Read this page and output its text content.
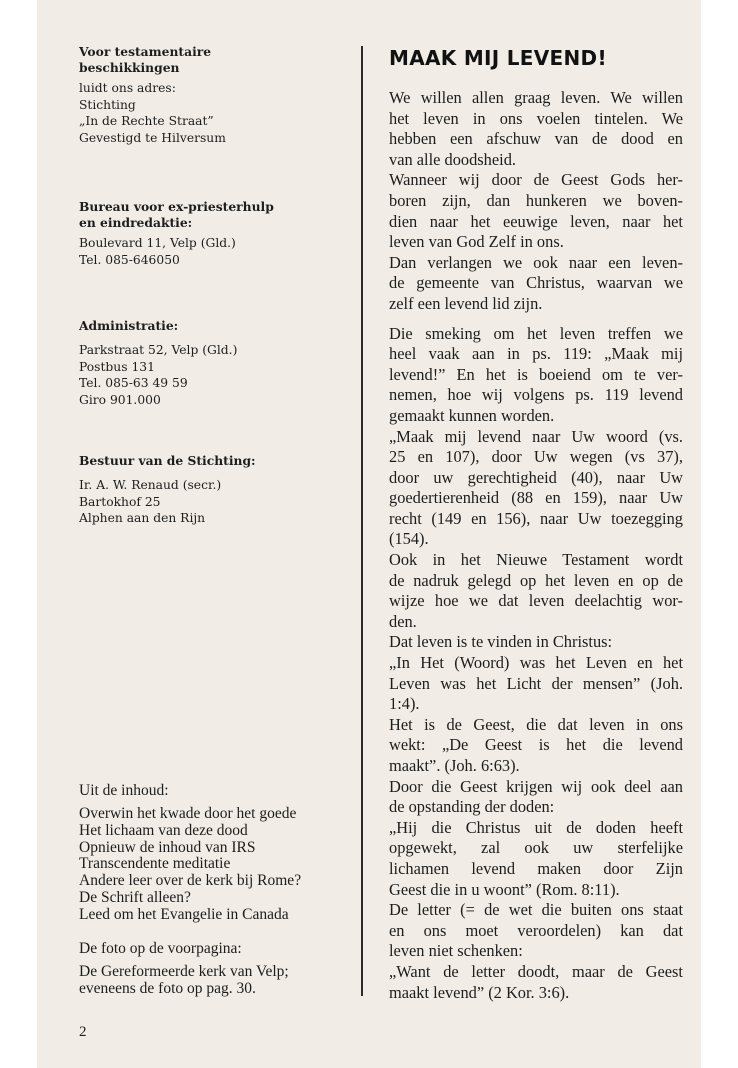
Voor testamentaire
beschikkingen
luidt ons adres:
Stichting
„In de Rechte Straat”
Gevestigd te Hilversum
Bureau voor ex-priesterhulp
en eindredaktie:
Boulevard 11, Velp (Gld.)
Tel. 085-646050
Administratie:
Parkstraat 52, Velp (Gld.)
Postbus 131
Tel. 085-63 49 59
Giro 901.000
Bestuur van de Stichting:
Ir. A. W. Renaud (secr.)
Bartokhof 25
Alphen aan den Rijn
Uit de inhoud:
Overwin het kwade door het goede
Het lichaam van deze dood
Opnieuw de inhoud van IRS
Transcendente meditatie
Andere leer over de kerk bij Rome?
De Schrift alleen?
Leed om het Evangelie in Canada
De foto op de voorpagina:
De Gereformeerde kerk van Velp;
eveneens de foto op pag. 30.
MAAK MIJ LEVEND!
We willen allen graag leven. We willen
het leven in ons voelen tintelen. We
hebben een afschuw van de dood en
van alle doodsheid.
Wanneer wij door de Geest Gods her-
boren zijn, dan hunkeren we boven-
dien naar het eeuwige leven, naar het
leven van God Zelf in ons.
Dan verlangen we ook naar een leven-
de gemeente van Christus, waarvan we
zelf een levend lid zijn.
Die smeking om het leven treffen we
heel vaak aan in ps. 119: „Maak mij
levend!” En het is boeiend om te ver-
nemen, hoe wij volgens ps. 119 levend
gemaakt kunnen worden.
„Maak mij levend naar Uw woord (vs.
25 en 107), door Uw wegen (vs 37),
door uw gerechtigheid (40), naar Uw
goedertierenheid (88 en 159), naar Uw
recht (149 en 156), naar Uw toezegging
(154).
Ook in het Nieuwe Testament wordt
de nadruk gelegd op het leven en op de
wijze hoe we dat leven deelachtig wor-
den.
Dat leven is te vinden in Christus:
„In Het (Woord) was het Leven en het
Leven was het Licht der mensen” (Joh.
1:4).
Het is de Geest, die dat leven in ons
wekt: „De Geest is het die levend
maakt”. (Joh. 6:63).
Door die Geest krijgen wij ook deel aan
de opstanding der doden:
„Hij die Christus uit de doden heeft
opgewekt, zal ook uw sterfelijke
lichamen levend maken door Zijn
Geest die in u woont” (Rom. 8:11).
De letter (= de wet die buiten ons staat
en ons moet veroordelen) kan dat
leven niet schenken:
„Want de letter doodt, maar de Geest
maakt levend” (2 Kor. 3:6).
2
